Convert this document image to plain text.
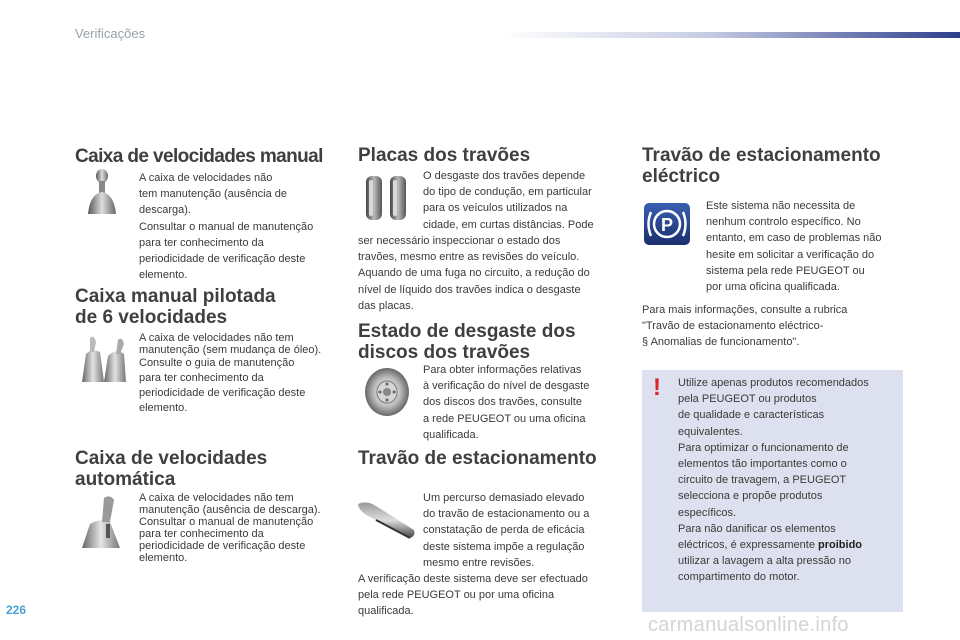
Verificações
Caixa de velocidades manual

A caixa de velocidades não

tem manutenção (ausência de

descarga).

Consultar o manual de manutenção

para ter conhecimento da

periodicidade de verificação deste

elemento.

Caixa manual pilotada
de 6 velocidades

A caixa de velocidades não tem

manutenção (sem mudança de óleo).

Consulte o guia de manutenção

para ter conhecimento da

periodicidade de verificação deste

elemento.

Caixa de velocidades
automática

A caixa de velocidades não tem

manutenção (ausência de descarga).

Consultar o manual de manutenção

para ter conhecimento da

periodicidade de verificação deste

elemento.

Placas dos travões

O desgaste dos travões depende

do tipo de condução, em particular

para os veículos utilizados na

cidade, em curtas distâncias. Pode

ser necessário inspeccionar o estado dos

travões, mesmo entre as revisões do veículo.

Aquando de uma fuga no circuito, a redução do

nível de líquido dos travões indica o desgaste

das placas.

Estado de desgaste dos
discos dos travões

Para obter informações relativas

à verificação do nível de desgaste

dos discos dos travões, consulte

a rede PEUGEOT ou uma oficina

qualificada.

Travão de estacionamento

Um percurso demasiado elevado

do travão de estacionamento ou a

constatação de perda de eficácia

deste sistema impõe a regulação

mesmo entre revisões.

A verificação deste sistema deve ser efectuado

pela rede PEUGEOT ou por uma oficina

qualificada.

Travão de estacionamento
eléctrico
P

Este sistema não necessita de

nenhum controlo específico. No

entanto, em caso de problemas não

hesite em solicitar a verificação do

sistema pela rede PEUGEOT ou

por uma oficina qualificada.

Para mais informações, consulte a rubrica

"Travão de estacionamento eléctrico-

§ Anomalias de funcionamento".

! Utilize apenas produtos recomendados

pela PEUGEOT ou produtos

de qualidade e características

equivalentes.

Para optimizar o funcionamento de

elementos tão importantes como o

circuito de travagem, a PEUGEOT

selecciona e propõe produtos

específicos.

Para não danificar os elementos

eléctricos, é expressamente proibido

utilizar a lavagem a alta pressão no

compartimento do motor.

226
carmanualsonline.info
